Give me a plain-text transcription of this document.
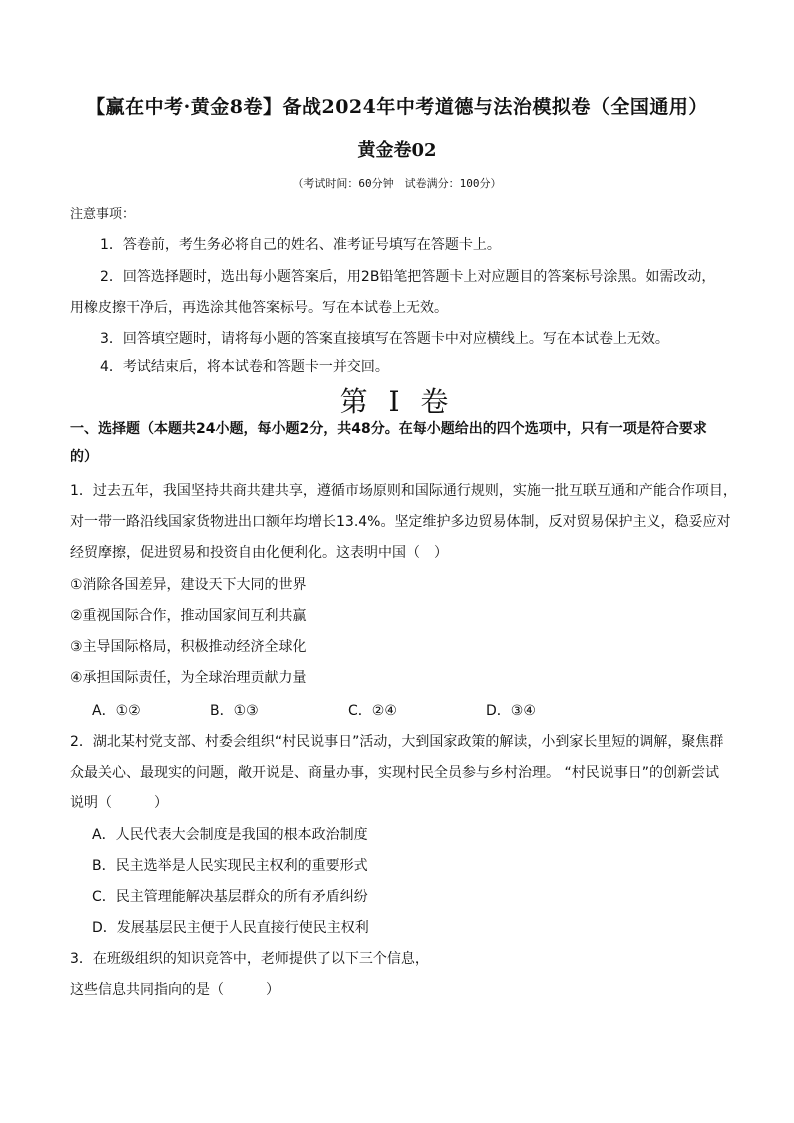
【赢在中考·黄金8卷】备战2024年中考道德与法治模拟卷（全国通用）
黄金卷02
（考试时间：60分钟　试卷满分：100分）
注意事项：
1．答卷前，考生务必将自己的姓名、准考证号填写在答题卡上。
2．回答选择题时，选出每小题答案后，用2B铅笔把答题卡上对应题目的答案标号涂黑。如需改动，
用橡皮擦干净后，再选涂其他答案标号。写在本试卷上无效。
3．回答填空题时，请将每小题的答案直接填写在答题卡中对应横线上。写在本试卷上无效。
4．考试结束后，将本试卷和答题卡一并交回。
第 I 卷
一、选择题（本题共24小题，每小题2分，共48分。在每小题给出的四个选项中，只有一项是符合要求
的）
1．过去五年，我国坚持共商共建共享，遵循市场原则和国际通行规则，实施一批互联互通和产能合作项目，
对一带一路沿线国家货物进出口额年均增长13.4%。坚定维护多边贸易体制，反对贸易保护主义，稳妥应对
经贸摩擦，促进贸易和投资自由化便利化。这表明中国（　）
①消除各国差异，建设天下大同的世界
②重视国际合作，推动国家间互利共赢
③主导国际格局，积极推动经济全球化
④承担国际责任，为全球治理贡献力量
A．①②	B．①③	C．②④	D．③④
2．湖北某村党支部、村委会组织“村民说事日”活动，大到国家政策的解读，小到家长里短的调解，聚焦群
众最关心、最现实的问题，敞开说是、商量办事，实现村民全员参与乡村治理。 “村民说事日”的创新尝试
说明（　　　）
A．人民代表大会制度是我国的根本政治制度
B．民主选举是人民实现民主权利的重要形式
C．民主管理能解决基层群众的所有矛盾纠纷
D．发展基层民主便于人民直接行使民主权利
3．在班级组织的知识竞答中，老师提供了以下三个信息，
这些信息共同指向的是（　　　）
